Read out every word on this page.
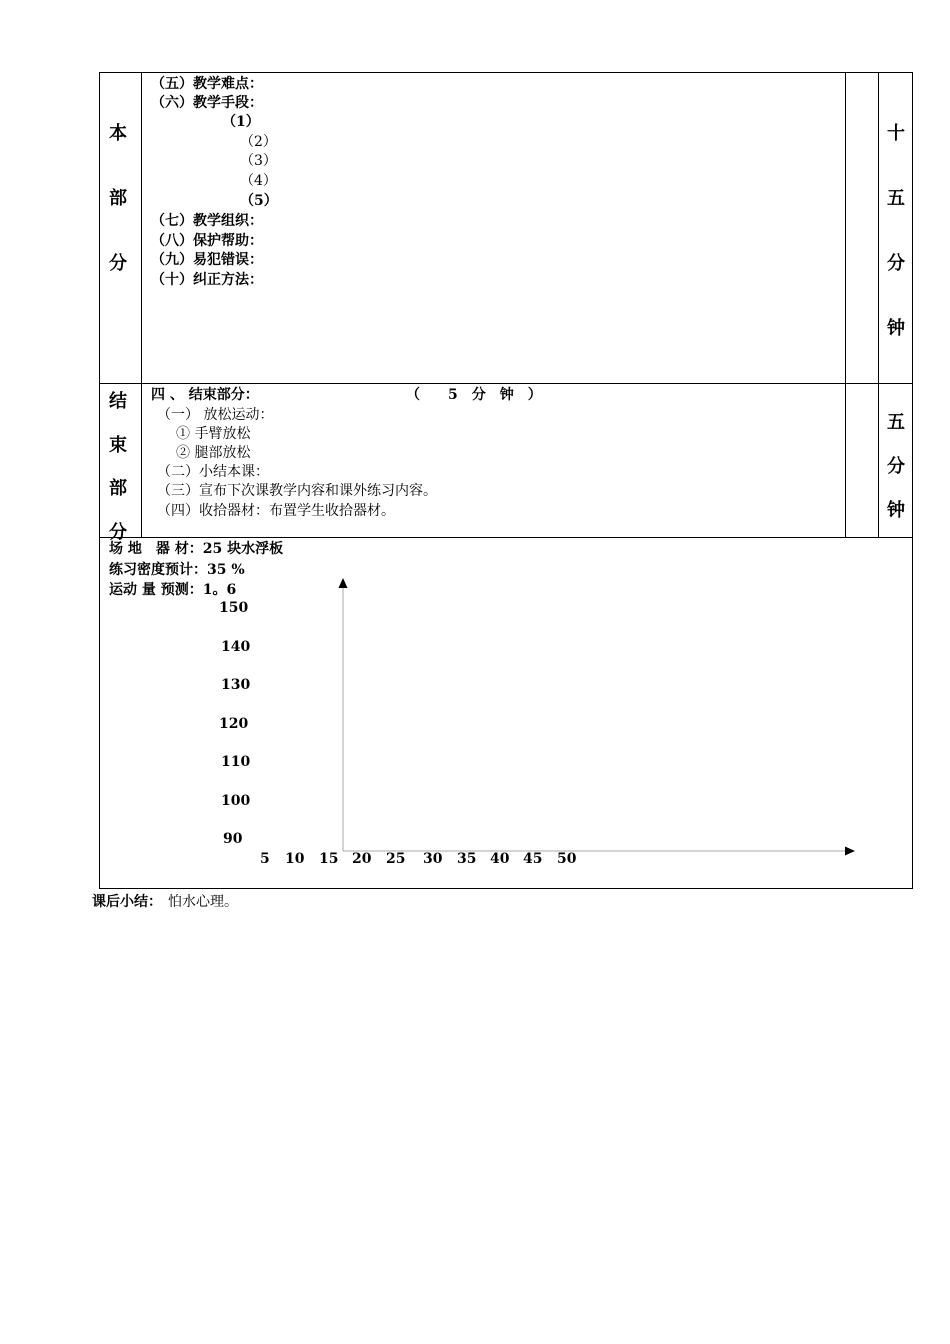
本
部
分
（五）教学难点：
（六）教学手段：
（1）
（2）
（3）
（4）
（5）
（七）教学组织：
（八）保护帮助：
（九）易犯错误：
（十）纠正方法：
十
五
分
钟
结
束
部
分
四 、 结束部分：	（　　5　分　钟　）
（一） 放松运动：
① 手臂放松
② 腿部放松
（二）小结本课：
（三）宣布下次课教学内容和课外练习内容。
（四）收拾器材：布置学生收拾器材。
五
分
钟
场 地　器 材：25 块水浮板
练习密度预计：35 %
运动 量 预测：1。6
150
140
130
120
110
100
90
5 10 15 20 25 30 35 40 45 50
课后小结： 怕水心理。
